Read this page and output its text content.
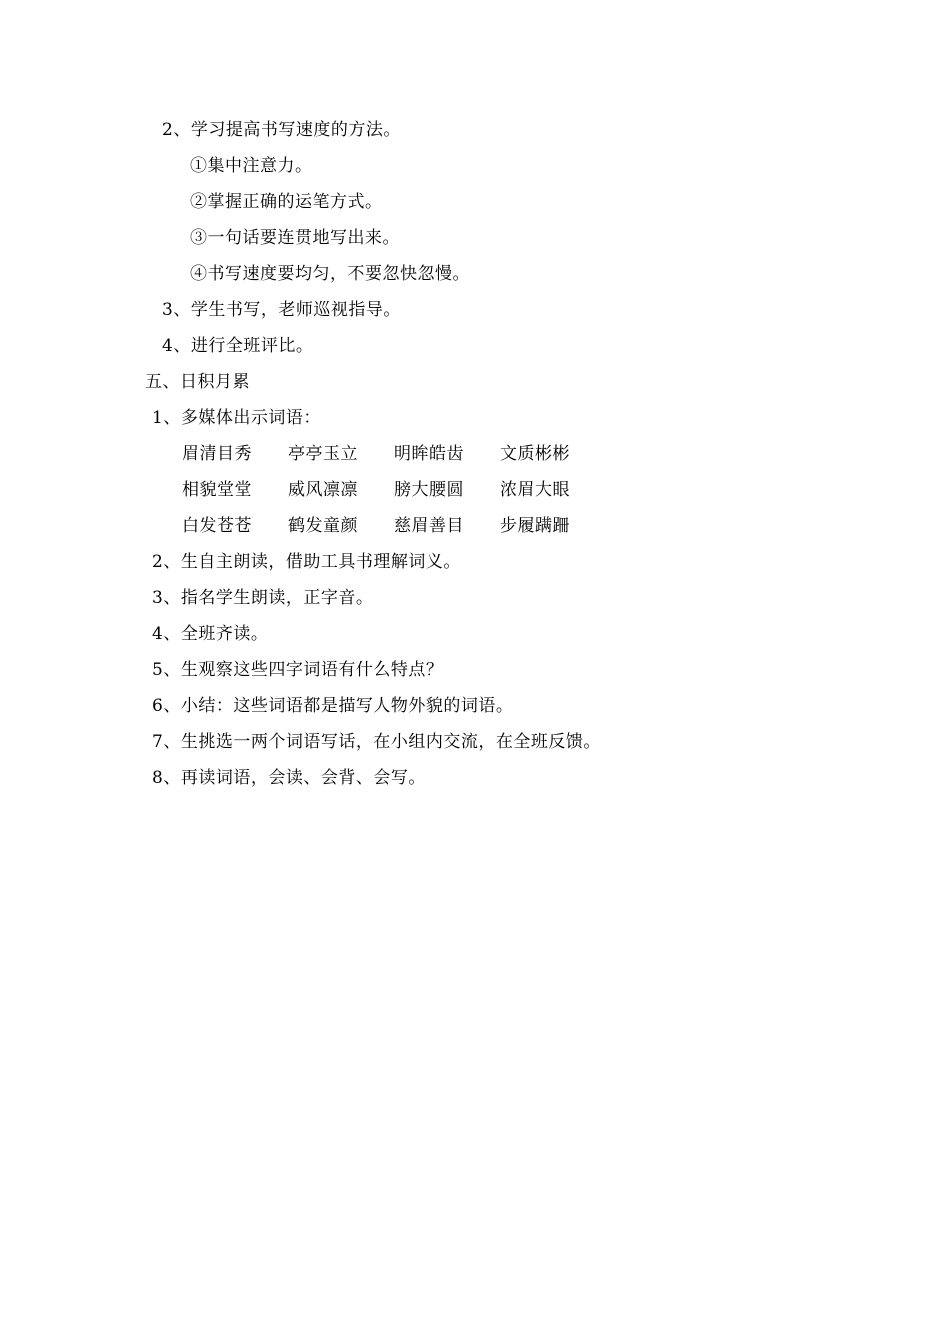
2、学习提高书写速度的方法。
①集中注意力。
②掌握正确的运笔方式。
③一句话要连贯地写出来。
④书写速度要均匀，不要忽快忽慢。
3、学生书写，老师巡视指导。
4、进行全班评比。
五、日积月累
1、多媒体出示词语：
眉清目秀 亭亭玉立 明眸皓齿 文质彬彬
相貌堂堂 威风凛凛 膀大腰圆 浓眉大眼
白发苍苍 鹤发童颜 慈眉善目 步履蹒跚
2、生自主朗读，借助工具书理解词义。
3、指名学生朗读，正字音。
4、全班齐读。
5、生观察这些四字词语有什么特点？
6、小结：这些词语都是描写人物外貌的词语。
7、生挑选一两个词语写话，在小组内交流，在全班反馈。
8、再读词语，会读、会背、会写。
